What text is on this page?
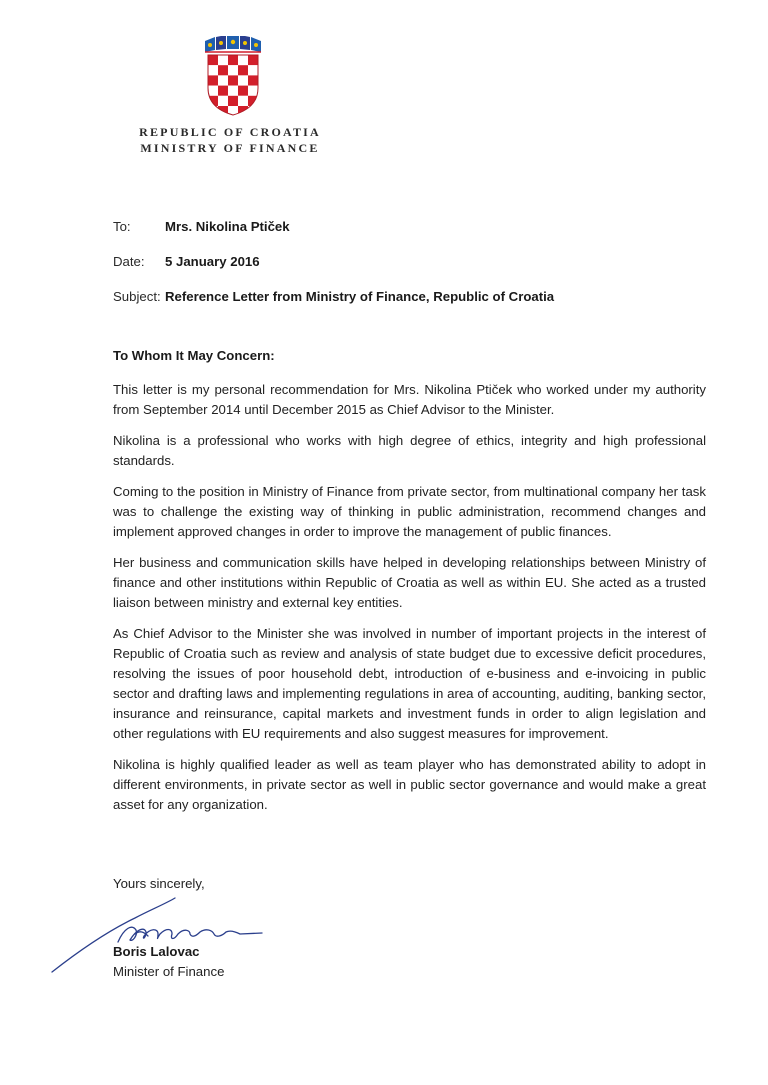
REPUBLIC OF CROATIA
MINISTRY OF FINANCE
To:	Mrs. Nikolina Ptiček
Date:	5 January 2016
Subject: Reference Letter from Ministry of Finance, Republic of Croatia
To Whom It May Concern:

This letter is my personal recommendation for Mrs. Nikolina Ptiček who worked under my authority from September 2014 until December 2015 as Chief Advisor to the Minister.

Nikolina is a professional who works with high degree of ethics, integrity and high professional standards.

Coming to the position in Ministry of Finance from private sector, from multinational company her task was to challenge the existing way of thinking in public administration, recommend changes and implement approved changes in order to improve the management of public finances.

Her business and communication skills have helped in developing relationships between Ministry of finance and other institutions within Republic of Croatia as well as within EU. She acted as a trusted liaison between ministry and external key entities.

As Chief Advisor to the Minister she was involved in number of important projects in the interest of Republic of Croatia such as review and analysis of state budget due to excessive deficit procedures, resolving the issues of poor household debt, introduction of e-business and e-invoicing in public sector and drafting laws and implementing regulations in area of accounting, auditing, banking sector, insurance and reinsurance, capital markets and investment funds in order to align legislation and other regulations with EU requirements and also suggest measures for improvement.

Nikolina is highly qualified leader as well as team player who has demonstrated ability to adopt in different environments, in private sector as well in public sector governance and would make a great asset for any organization.

Yours sincerely,
Boris Lalovac
Minister of Finance
